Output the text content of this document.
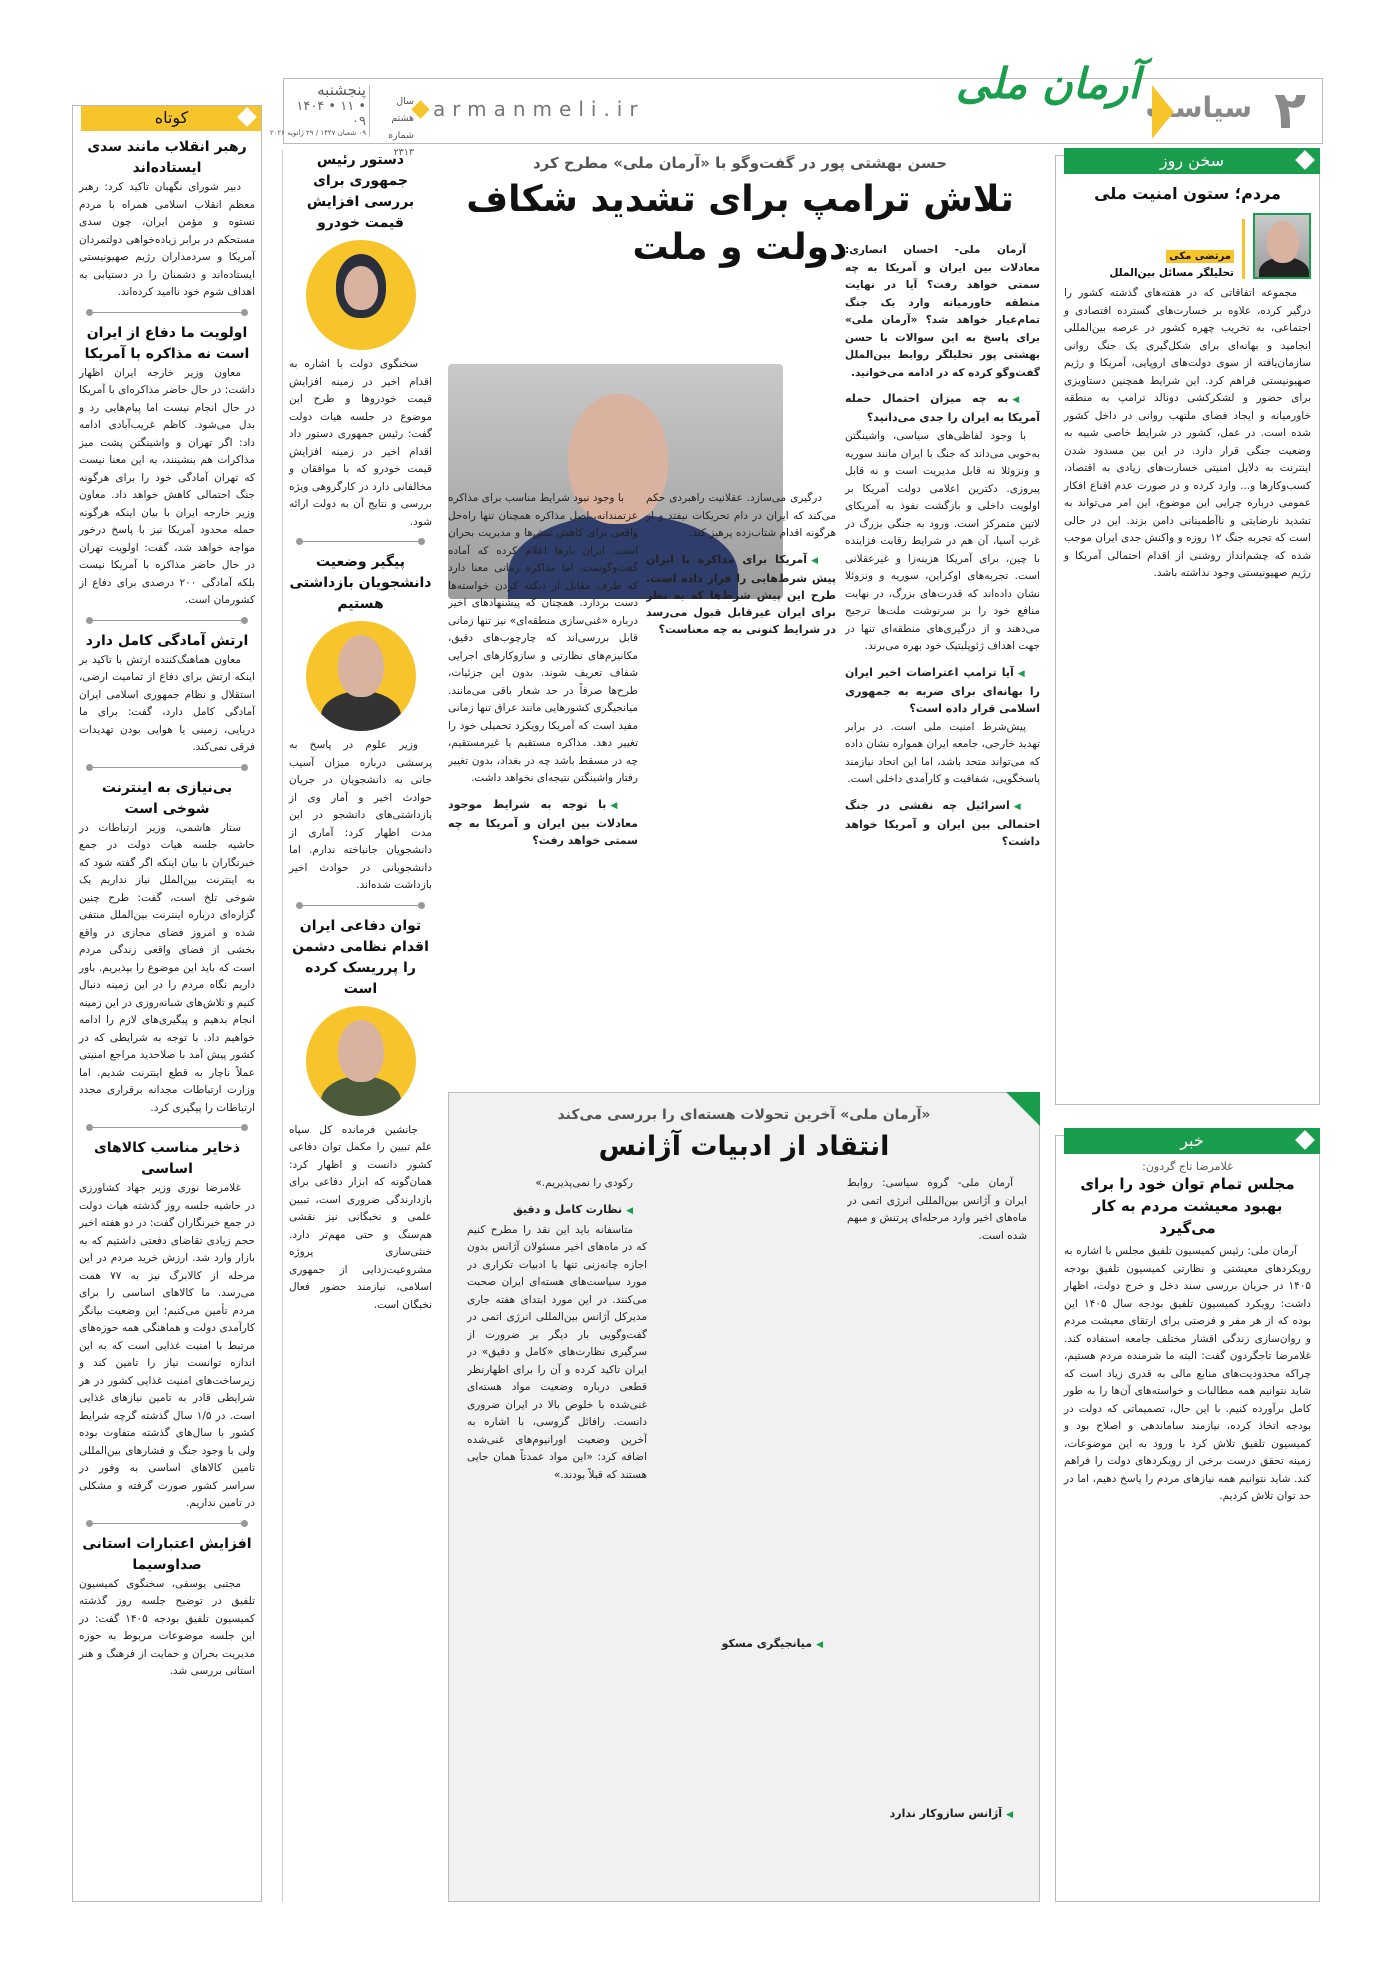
۲
سیاست
آرمان ملی
armanmeli.ir
سال هشتم
شماره ۲۳۱۳
پنجشنبه
۱۴۰۴ • ۱۱ • ۰۹
۰۹ شعبان ۱۴۴۷ / ۲۹ ژانویه ۲۰۲۶
حسن بهشتی پور در گفت‌وگو با «آرمان ملی» مطرح کرد
تلاش ترامپ برای تشدید شکاف دولت و ملت

آرمان ملی- احسان انصاری: معادلات بین ایران و آمریکا به چه سمتی خواهد رفت؟ آیا در نهایت منطقه خاورمیانه وارد یک جنگ تمام‌عیار خواهد شد؟ «آرمان ملی» برای پاسخ به این سوالات با حسن بهشتی پور تحلیلگر روابط بین‌الملل گفت‌وگو کرده که در ادامه می‌خوانید.

◀ به چه میزان احتمال حمله آمریکا به ایران را جدی می‌دانید؟

با وجود لفاظی‌های سیاسی، واشینگتن به‌خوبی می‌داند که جنگ با ایران مانند سوریه و ونزوئلا نه قابل مدیریت است و نه قابل پیروزی. دکترین اعلامی دولت آمریکا بر اولویت داخلی و بازگشت نفوذ به آمریکای لاتین متمرکز است. ورود به جنگی بزرگ در غرب آسیا، آن هم در شرایط رقابت فزاینده با چین، برای آمریکا هزینه‌زا و غیرعقلانی است. تجربه‌های اوکراین، سوریه و ونزوئلا نشان داده‌اند که قدرت‌های بزرگ، در نهایت منافع خود را بر سرنوشت ملت‌ها ترجیح می‌دهند و از درگیری‌های منطقه‌ای تنها در جهت اهداف ژئوپلیتیک خود بهره می‌برند.

◀ آیا ترامپ اعتراضات اخیر ایران را بهانه‌ای برای ضربه به جمهوری اسلامی قرار داده است؟

پیش‌شرط امنیت ملی است. در برابر تهدید خارجی، جامعه ایران همواره نشان داده که می‌تواند متحد باشد، اما این اتحاد نیازمند پاسخگویی، شفافیت و کارآمدی داخلی است.

◀ اسرائیل چه نقشی در جنگ احتمالی بین ایران و آمریکا خواهد داشت؟

درگیری می‌سازد. عقلانیت راهبردی حکم می‌کند که ایران در دام تحریکات نیفتد و از هرگونه اقدام شتاب‌زده پرهیز کند.

◀ آمریکا برای مذاکره با ایران پیش شرط‌هایی را قرار داده است. طرح این پیش شرط‌ها که به نظر برای ایران غیرقابل قبول می‌رسد در شرایط کنونی به چه معناست؟

با وجود نبود شرایط مناسب برای مذاکره عزتمندانه، اصل مذاکره همچنان تنها راه‌حل واقعی برای کاهش تنش‌ها و مدیریت بحران است. ایران بارها اعلام کرده که آماده گفت‌وگوست، اما مذاکره زمانی معنا دارد که طرف مقابل از دیکته کردن خواسته‌ها دست بردارد. همچنان که پیشنهادهای اخیر درباره «غنی‌سازی منطقه‌ای» نیز تنها زمانی قابل بررسی‌اند که چارچوب‌های دقیق، مکانیزم‌های نظارتی و سازوکارهای اجرایی شفاف تعریف شوند. بدون این جزئیات، طرح‌ها صرفاً در حد شعار باقی می‌مانند. میانجیگری کشورهایی مانند عراق تنها زمانی مفید است که آمریکا رویکرد تحمیلی خود را تغییر دهد. مذاکره مستقیم یا غیرمستقیم، چه در مسقط باشد چه در بغداد، بدون تغییر رفتار واشینگتن نتیجه‌ای نخواهد داشت.

◀ با توجه به شرایط موجود معادلات بین ایران و آمریکا به چه سمتی خواهد رفت؟
«آرمان ملی» آخرین تحولات هسته‌ای را بررسی می‌کند
انتقاد از ادبیات آژانس

آرمان ملی- گروه سیاسی: روابط ایران و آژانس بین‌المللی انرژی اتمی در ماه‌های اخیر وارد مرحله‌ای پرتنش و مبهم شده است.

◀ آژانس سازوکار ندارد
◀ میانجیگری مسکو

رکودی را نمی‌پذیریم.»

◀ نظارت کامل و دقیق

متاسفانه باید این نقد را مطرح کنیم که در ماه‌های اخیر مسئولان آژانس بدون اجازه چانه‌زنی تنها با ادبیات تکراری در مورد سیاست‌های هسته‌ای ایران صحبت می‌کنند. در این مورد ابتدای هفته جاری مدیرکل آژانس بین‌المللی انرژی اتمی در گفت‌وگویی بار دیگر بر ضرورت از سرگیری نظارت‌های «کامل و دقیق» در ایران تاکید کرده و آن را برای اظهارنظر قطعی درباره وضعیت مواد هسته‌ای غنی‌شده با خلوص بالا در ایران ضروری دانست. رافائل گروسی، با اشاره به آخرین وضعیت اورانیوم‌های غنی‌شده اضافه کرد: «این مواد عمدتاً همان جایی هستند که قبلاً بودند.»

سخن روز
مردم؛ ستون امنیت ملی
مرتضی مکی
تحلیلگر مسائل بین‌الملل

مجموعه اتفاقاتی که در هفته‌های گذشته کشور را درگیر کرده، علاوه بر خسارت‌های گسترده اقتصادی و اجتماعی، به تخریب چهره کشور در عرصه بین‌المللی انجامید و بهانه‌ای برای شکل‌گیری یک جنگ روانی سازمان‌یافته از سوی دولت‌های اروپایی، آمریکا و رژیم صهیونیستی فراهم کرد. این شرایط همچنین دستاویزی برای حضور و لشکرکشی دونالد ترامپ به منطقه خاورمیانه و ایجاد فضای ملتهب روانی در داخل کشور شده است. در عمل، کشور در شرایط خاصی شبیه به وضعیت جنگی قرار دارد. در این بین مسدود شدن اینترنت به دلایل امنیتی خسارت‌های زیادی به اقتصاد، کسب‌وکارها و... وارد کرده و در صورت عدم اقناع افکار عمومی درباره چرایی این موضوع، این امر می‌تواند به تشدید نارضایتی و ناآطمینانی دامن بزند. این در حالی است که تجربه جنگ ۱۲ روزه و واکنش جدی ایران موجب شده که چشم‌انداز روشنی از اقدام احتمالی آمریکا و رژیم صهیونیستی وجود نداشته باشد.

خبر
غلامرضا تاج گردون:
مجلس تمام توان خود را برای بهبود معیشت مردم به کار می‌گیرد

آرمان ملی: رئیس کمیسیون تلفیق مجلس با اشاره به رویکردهای معیشتی و نظارتی کمیسیون تلفیق بودجه ۱۴۰۵ در جریان بررسی سند دخل و خرج دولت، اظهار داشت: رویکرد کمیسیون تلفیق بودجه سال ۱۴۰۵ این بوده که از هر مفر و فرصتی برای ارتقای معیشت مردم و روان‌سازی زندگی اقشار مختلف جامعه استفاده کند. غلامرضا تاجگردون گفت: البته ما شرمنده مردم هستیم، چراکه محدودیت‌های منابع مالی به قدری زیاد است که شاید نتوانیم همه مطالبات و خواسته‌های آن‌ها را به طور کامل برآورده کنیم. با این حال، تصمیماتی که دولت در بودجه اتخاذ کرده، نیازمند ساماندهی و اصلاح بود و کمیسیون تلفیق تلاش کرد با ورود به این موضوعات، زمینه تحقق درست برخی از رویکردهای دولت را فراهم کند. شاید نتوانیم همه نیازهای مردم را پاسخ دهیم، اما در حد توان تلاش کردیم.

دستور رئیس جمهوری برای بررسی افزایش قیمت خودرو
سخنگوی دولت با اشاره به اقدام اخیر در زمینه افزایش قیمت خودروها و طرح این موضوع در جلسه هیات دولت گفت: رئیس جمهوری دستور داد اقدام اخیر در زمینه افزایش قیمت خودرو که با موافقان و مخالفانی دارد در کارگروهی ویژه بررسی و نتایج آن به دولت ارائه شود.
پیگیر وضعیت دانشجویان بازداشتی هستیم
وزیر علوم در پاسخ به پرسشی درباره میزان آسیب جانی به دانشجویان در جریان حوادث اخیر و آمار وی از بازداشتی‌های دانشجو در این مدت اظهار کرد: آماری از دانشجویان جانباخته ندارم. اما دانشجویانی در حوادث اخیر بازداشت شده‌اند.
توان دفاعی ایران اقدام نظامی دشمن را پرریسک کرده است
جانشین فرمانده کل سپاه علم تبیین را مکمل توان دفاعی کشور دانست و اظهار کرد: همان‌گونه که ابزار دفاعی برای بازدارندگی ضروری است، تبیین علمی و نخبگانی نیز نقشی هم‌سنگ و حتی مهم‌تر دارد. خنثی‌سازی پروژه مشروعیت‌زدایی از جمهوری اسلامی، نیازمند حضور فعال نخبگان است.
کوتاه
رهبر انقلاب مانند سدی ایستاده‌اند
دبیر شورای نگهبان تاکید کرد: رهبر معظم انقلاب اسلامی همراه با مردم نستوه و مؤمن ایران، چون سدی مستحکم در برابر زیاده‌خواهی دولتمردان آمریکا و سردمداران رژیم صهیونیستی ایستاده‌اند و دشمنان را در دستیابی به اهداف شوم خود ناامید کرده‌اند.
اولویت ما دفاع از ایران است نه مذاکره با آمریکا
معاون وزیر خارجه ایران اظهار داشت: در حال حاضر مذاکره‌ای با آمریکا در حال انجام نیست اما پیام‌هایی رد و بدل می‌شود. کاظم غریب‌آبادی ادامه داد: اگر تهران و واشینگتن پشت میز مذاکرات هم بنشینند، به این معنا نیست که تهران آمادگی خود را برای هرگونه جنگ احتمالی کاهش خواهد داد. معاون وزیر خارجه ایران با بیان اینکه هرگونه حمله محدود آمریکا نیز با پاسخ درخور مواجه خواهد شد، گفت: اولویت تهران در حال حاضر مذاکره با آمریکا نیست بلکه آمادگی ۲۰۰ درصدی برای دفاع از کشورمان است.
ارتش آمادگی کامل دارد
معاون هماهنگ‌کننده ارتش با تاکید بر اینکه ارتش برای دفاع از تمامیت ارضی، استقلال و نظام جمهوری اسلامی ایران آمادگی کامل دارد، گفت: برای ما دریایی، زمینی یا هوایی بودن تهدیدات فرقی نمی‌کند.
بی‌نیازی به اینترنت شوخی است
ستار هاشمی، وزیر ارتباطات در حاشیه جلسه هیات دولت در جمع خبرنگاران با بیان اینکه اگر گفته شود که به اینترنت بین‌الملل نیاز نداریم یک شوخی تلخ است، گفت: طرح چنین گزاره‌ای درباره اینترنت بین‌الملل منتفی شده و امروز فضای مجازی در واقع بخشی از فضای واقعی زندگی مردم است که باید این موضوع را بپذیریم. باور داریم نگاه مردم را در این زمینه دنبال کنیم و تلاش‌های شبانه‌روزی در این زمینه انجام بدهیم و پیگیری‌های لازم را ادامه خواهیم داد. با توجه به شرایطی که در کشور پیش آمد با صلاحدید مراجع امنیتی عملاً ناچار به قطع اینترنت شدیم. اما وزارت ارتباطات مجدانه برقراری مجدد ارتباطات را پیگیری کرد.
ذخایر مناسب کالاهای اساسی
غلامرضا نوری وزیر جهاد کشاورزی در حاشیه جلسه روز گذشته هیات دولت در جمع خبرنگاران گفت: در دو هفته اخیر حجم زیادی تقاضای دفعتی داشتیم که به بازار وارد شد. ارزش خرید مردم در این مرحله از کالابرگ نیز به ۷۷ همت می‌رسد. ما کالاهای اساسی را برای مردم تأمین می‌کنیم؛ این وضعیت بیانگر کارآمدی دولت و هماهنگی همه حوزه‌های مرتبط با امنیت غذایی است که به این اندازه توانست نیاز را تامین کند و زیرساخت‌های امنیت غذایی کشور در هر شرایطی قادر به تامین نیازهای غذایی است. در ۱/۵ سال گذشته گرچه شرایط کشور با سال‌های گذشته متفاوت بوده ولی با وجود جنگ و فشارهای بین‌المللی تامین کالاهای اساسی به وفور در سراسر کشور صورت گرفته و مشکلی در تامین نداریم.
افزایش اعتبارات استانی صداوسیما
مجتبی یوسفی، سخنگوی کمیسیون تلفیق در توضیح جلسه روز گذشته کمیسیون تلفیق بودجه ۱۴۰۵ گفت: در این جلسه موضوعات مربوط به حوزه مدیریت بحران و حمایت از فرهنگ و هنر استانی بررسی شد.
